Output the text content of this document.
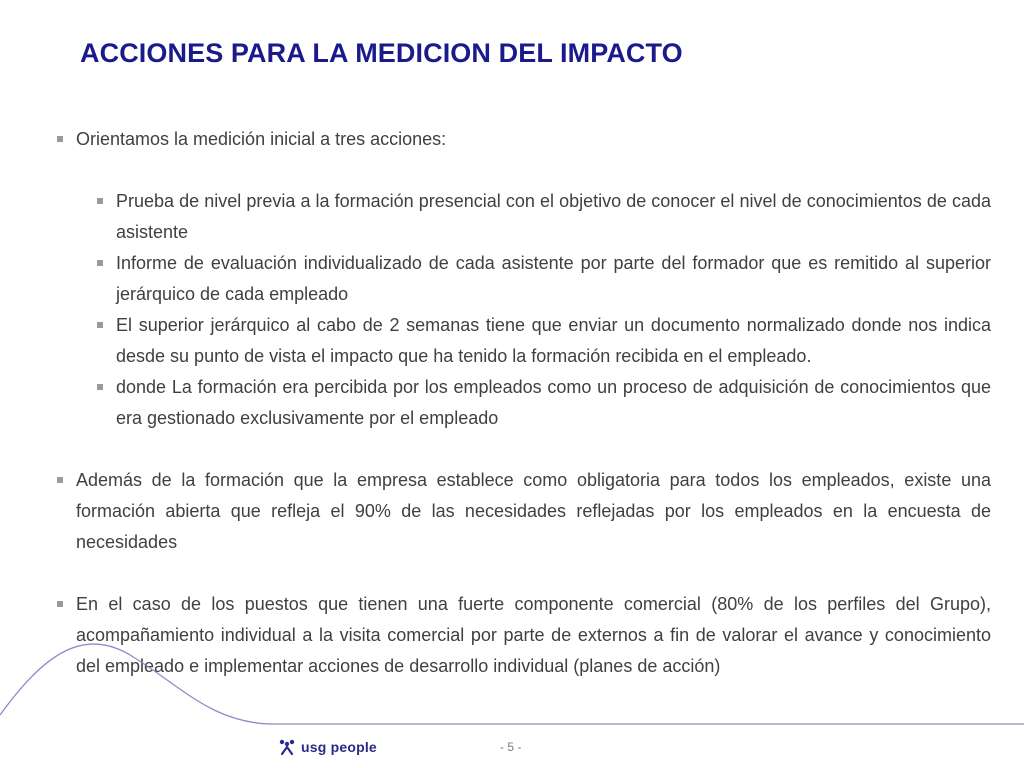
ACCIONES PARA LA MEDICION DEL IMPACTO
Orientamos la medición inicial a tres acciones:
Prueba de nivel previa a la formación presencial con el objetivo de conocer el nivel de conocimientos de cada asistente
Informe de evaluación individualizado de cada asistente por parte del formador que es remitido al superior jerárquico de cada empleado
El superior jerárquico al cabo de 2 semanas tiene que enviar un documento normalizado donde nos indica desde su punto de vista el impacto que ha tenido la formación recibida en el empleado.
donde La formación era percibida por los empleados como un proceso de adquisición de conocimientos que era gestionado exclusivamente por el empleado
Además de la formación que la empresa establece como obligatoria para todos los empleados, existe una formación abierta que refleja el 90% de las necesidades reflejadas por los empleados en la encuesta de necesidades
En el caso de los puestos que tienen una fuerte componente comercial (80% de los perfiles del Grupo), acompañamiento individual a la visita comercial por parte de externos a fin de valorar el avance y conocimiento del empleado e implementar acciones de desarrollo individual (planes de acción)
usg people	- 5 -
